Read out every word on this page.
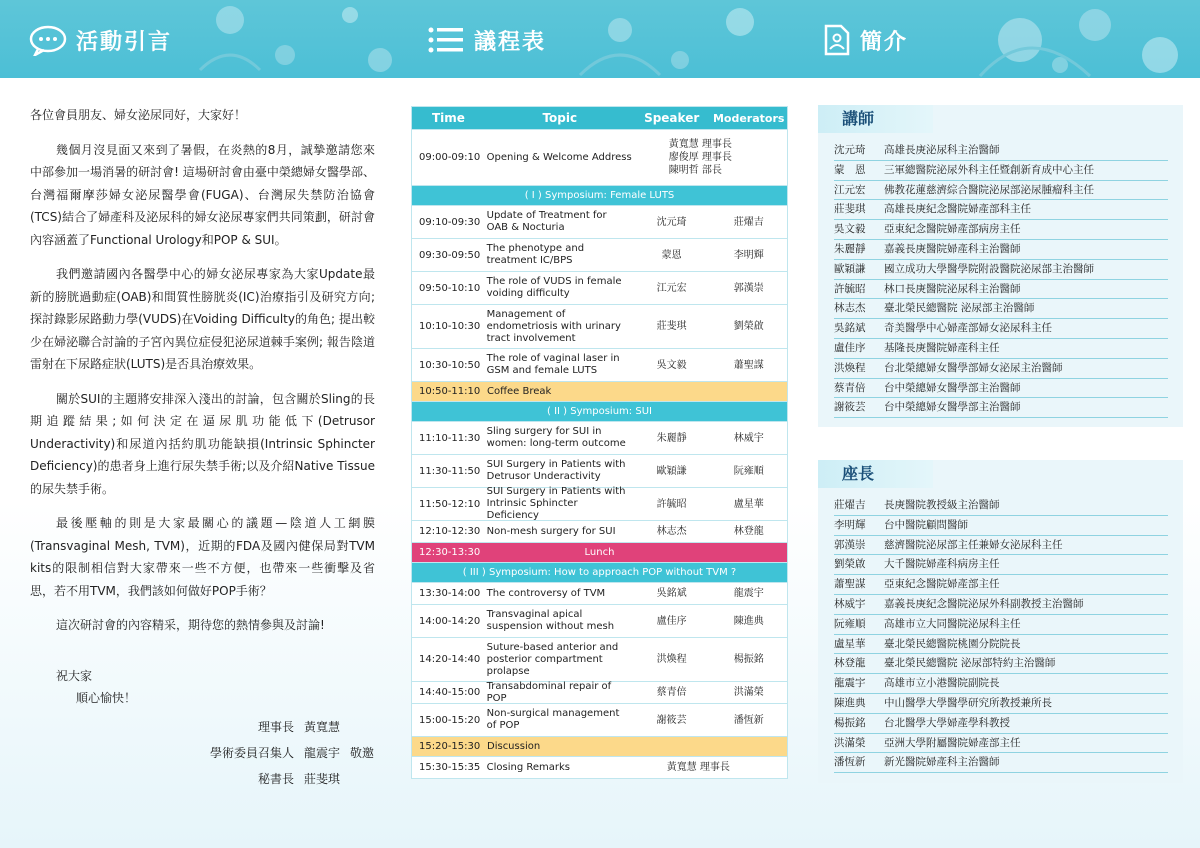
活動引言	議程表	簡介

各位會員朋友、婦女泌尿同好，大家好！

幾個月沒見面又來到了暑假，在炎熱的8月，誠摯邀請您來中部參加一場消暑的研討會! 這場研討會由臺中榮總婦女醫學部、台灣福爾摩莎婦女泌尿醫學會(FUGA)、台灣尿失禁防治協會(TCS)結合了婦產科及泌尿科的婦女泌尿專家們共同策劃，研討會內容涵蓋了Functional Urology和POP & SUI。

我們邀請國內各醫學中心的婦女泌尿專家為大家Update最新的膀胱過動症(OAB)和間質性膀胱炎(IC)治療指引及研究方向; 探討錄影尿路動力學(VUDS)在Voiding Difficulty的角色; 提出較少在婦泌聯合討論的子宮內異位症侵犯泌尿道棘手案例; 報告陰道雷射在下尿路症狀(LUTS)是否具治療效果。

關於SUI的主題將安排深入淺出的討論，包含關於Sling的長期追蹤結果;如何決定在逼尿肌功能低下(Detrusor Underactivity)和尿道內括約肌功能缺損(Intrinsic Sphincter Deficiency)的患者身上進行尿失禁手術;以及介紹Native Tissue的尿失禁手術。

最後壓軸的則是大家最關心的議題—陰道人工網膜(Transvaginal Mesh, TVM)，近期的FDA及國內健保局對TVM kits的限制相信對大家帶來一些不方便，也帶來一些衝擊及省思，若不用TVM，我們該如何做好POP手術？

這次研討會的內容精采，期待您的熱情參與及討論!

祝大家

順心愉快！

理事長 黃寬慧
學術委員召集人 龍震宇 敬邀
秘書長 莊斐琪
Time	Topic	Speaker	Moderators
09:00-09:10 Opening & Welcome Address
黃寬慧 理事長
廖俊厚 理事長
陳明哲 部長
( I ) Symposium: Female LUTS
09:10-09:30
Update of Treatment for
OAB & Nocturia	沈元琦	莊燿吉
09:30-09:50
The phenotype and
treatment IC/BPS	蒙恩	李明輝
09:50-10:10
The role of VUDS in female
voiding difficulty	江元宏	郭漢崇
10:10-10:30
Management of
endometriosis with urinary
tract involvement
莊斐琪	劉榮啟
10:30-10:50
The role of vaginal laser in
GSM and female LUTS	吳文毅	蕭聖謀
10:50-11:10 Coffee Break
( II ) Symposium: SUI
11:10-11:30
Sling surgery for SUI in
women: long-term outcome	朱麗靜	林威宇
11:30-11:50
SUI Surgery in Patients with
Detrusor Underactivity	歐穎謙	阮雍順
11:50-12:10
SUI Surgery in Patients with
Intrinsic Sphincter Deficiency
許毓昭	盧星華
12:10-12:30 Non-mesh surgery for SUI	林志杰	林登龍
12:30-13:30	Lunch
( III ) Symposium: How to approach POP without TVM ?
13:30-14:00 The controversy of TVM	吳銘斌	龍震宇
14:00-14:20
Transvaginal apical
suspension without mesh	盧佳序	陳進典
14:20-14:40
Suture-based anterior and
posterior compartment
prolapse
洪煥程	楊振銘
14:40-15:00
Transabdominal repair of POP	蔡青倍	洪滿榮
15:00-15:20
Non-surgical management
of POP	謝筱芸	潘恆新
15:20-15:30 Discussion
15:30-15:35 Closing Remarks	黃寬慧 理事長
講師
沈元琦	高雄長庚泌尿科主治醫師
蒙　恩	三軍總醫院泌尿外科主任暨創新育成中心主任
江元宏	佛教花蓮慈濟綜合醫院泌尿部泌尿腫瘤科主任
莊斐琪	高雄長庚紀念醫院婦產部科主任
吳文毅	亞東紀念醫院婦產部病房主任
朱麗靜	嘉義長庚醫院婦產科主治醫師
歐穎謙	國立成功大學醫學院附設醫院泌尿部主治醫師
許毓昭	林口長庚醫院泌尿科主治醫師
林志杰	臺北榮民總醫院 泌尿部主治醫師
吳銘斌	奇美醫學中心婦產部婦女泌尿科主任
盧佳序	基隆長庚醫院婦產科主任
洪煥程	台北榮總婦女醫學部婦女泌尿主治醫師
蔡青倍	台中榮總婦女醫學部主治醫師
謝筱芸	台中榮總婦女醫學部主治醫師
座長
莊燿吉	長庚醫院教授級主治醫師
李明輝	台中醫院顧問醫師
郭漢崇	慈濟醫院泌尿部主任兼婦女泌尿科主任
劉榮啟	大千醫院婦產科病房主任
蕭聖謀	亞東紀念醫院婦產部主任
林威宇	嘉義長庚紀念醫院泌尿外科副教授主治醫師
阮雍順	高雄市立大同醫院泌尿科主任
盧星華	臺北榮民總醫院桃園分院院長
林登龍	臺北榮民總醫院 泌尿部特約主治醫師
龍震宇	高雄市立小港醫院副院長
陳進典	中山醫學大學醫學研究所教授兼所長
楊振銘	台北醫學大學婦產學科教授
洪滿榮	亞洲大學附屬醫院婦產部主任
潘恆新	新光醫院婦產科主治醫師
